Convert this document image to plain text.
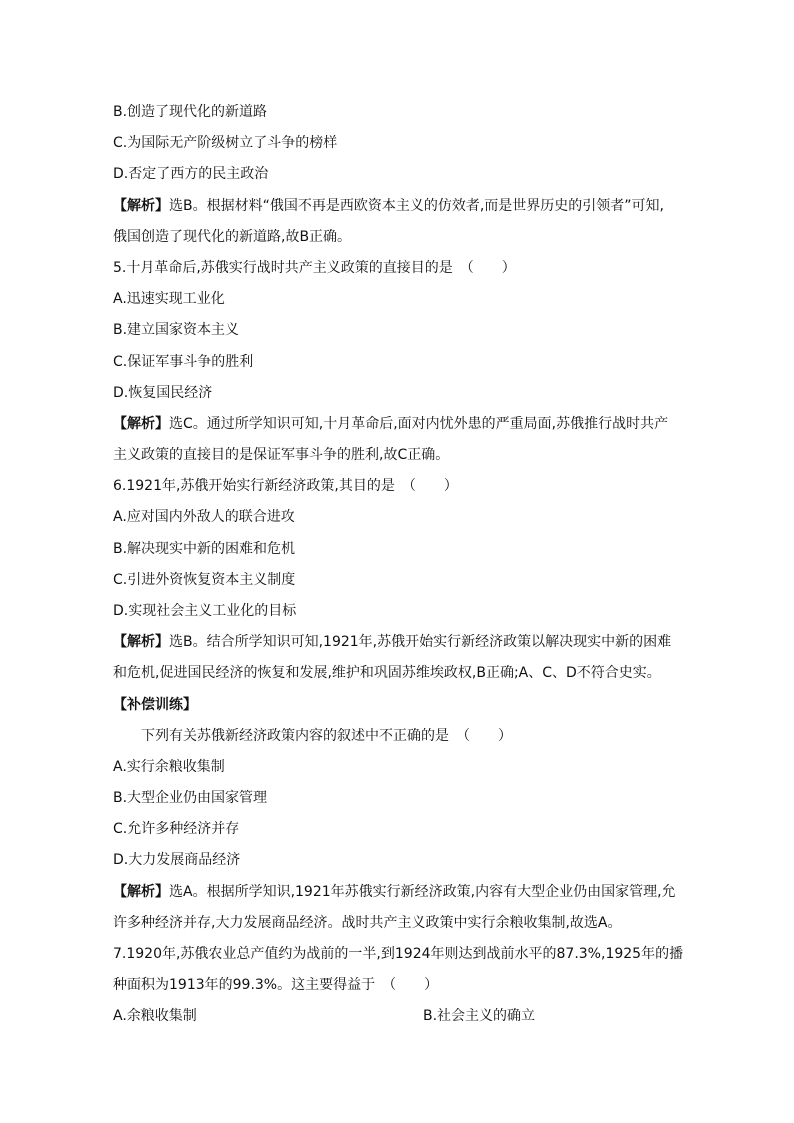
B.创造了现代化的新道路
C.为国际无产阶级树立了斗争的榜样
D.否定了西方的民主政治
【解析】选B。根据材料“俄国不再是西欧资本主义的仿效者,而是世界历史的引领者”可知,
俄国创造了现代化的新道路,故B正确。
5.十月革命后,苏俄实行战时共产主义政策的直接目的是　（　　）
A.迅速实现工业化
B.建立国家资本主义
C.保证军事斗争的胜利
D.恢复国民经济
【解析】选C。通过所学知识可知,十月革命后,面对内忧外患的严重局面,苏俄推行战时共产
主义政策的直接目的是保证军事斗争的胜利,故C正确。
6.1921年,苏俄开始实行新经济政策,其目的是　（　　）
A.应对国内外敌人的联合进攻
B.解决现实中新的困难和危机
C.引进外资恢复资本主义制度
D.实现社会主义工业化的目标
【解析】选B。结合所学知识可知,1921年,苏俄开始实行新经济政策以解决现实中新的困难
和危机,促进国民经济的恢复和发展,维护和巩固苏维埃政权,B正确;A、C、D不符合史实。
【补偿训练】
下列有关苏俄新经济政策内容的叙述中不正确的是　（　　）
A.实行余粮收集制
B.大型企业仍由国家管理
C.允许多种经济并存
D.大力发展商品经济
【解析】选A。根据所学知识,1921年苏俄实行新经济政策,内容有大型企业仍由国家管理,允
许多种经济并存,大力发展商品经济。战时共产主义政策中实行余粮收集制,故选A。
7.1920年,苏俄农业总产值约为战前的一半,到1924年则达到战前水平的87.3%,1925年的播
种面积为1913年的99.3%。这主要得益于　（　　）
A.余粮收集制	B.社会主义的确立
